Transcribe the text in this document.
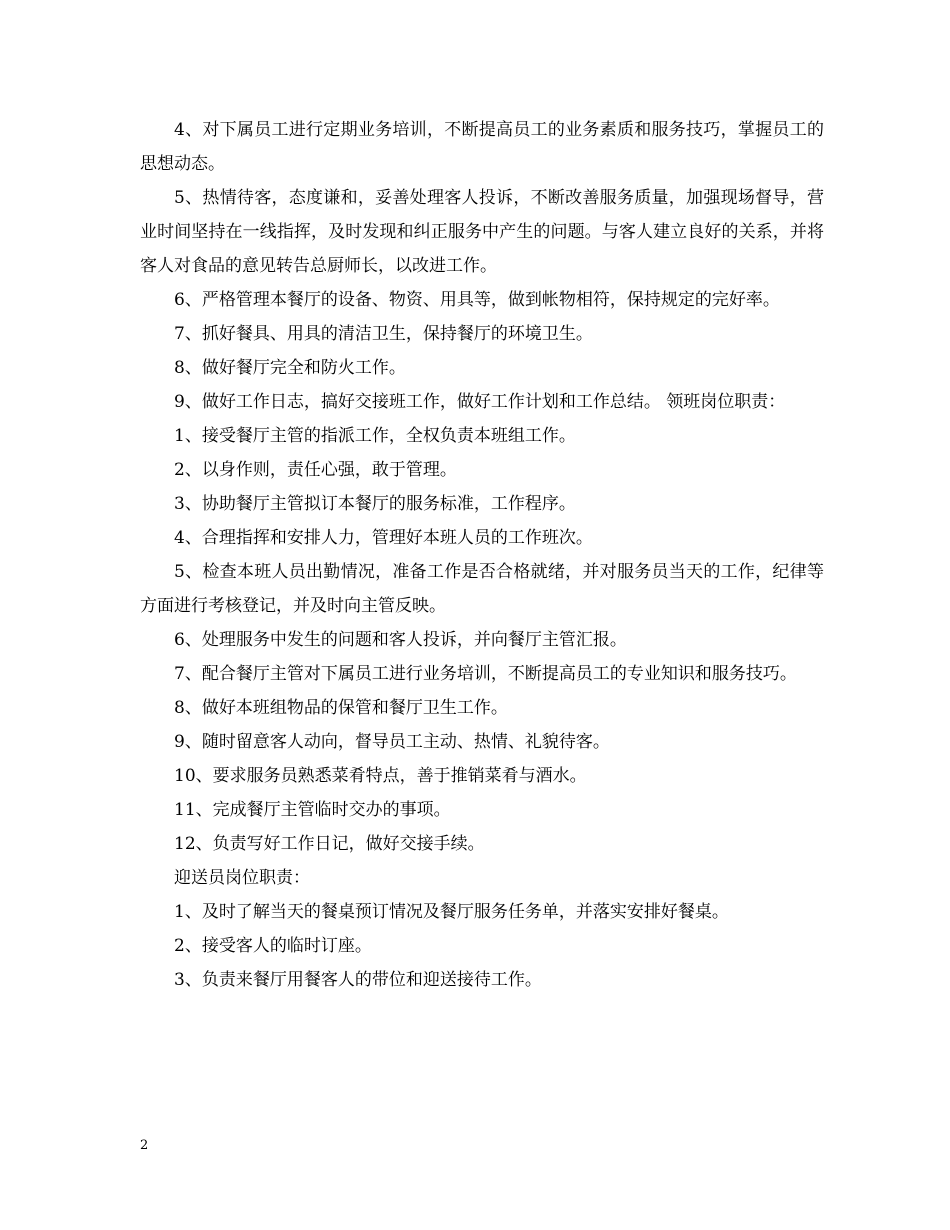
4、对下属员工进行定期业务培训，不断提高员工的业务素质和服务技巧，掌握员工的思想动态。

5、热情待客，态度谦和，妥善处理客人投诉，不断改善服务质量，加强现场督导，营业时间坚持在一线指挥，及时发现和纠正服务中产生的问题。与客人建立良好的关系，并将客人对食品的意见转告总厨师长，以改进工作。

6、严格管理本餐厅的设备、物资、用具等，做到帐物相符，保持规定的完好率。

7、抓好餐具、用具的清洁卫生，保持餐厅的环境卫生。

8、做好餐厅完全和防火工作。

9、做好工作日志，搞好交接班工作，做好工作计划和工作总结。 领班岗位职责：

1、接受餐厅主管的指派工作，全权负责本班组工作。

2、以身作则，责任心强，敢于管理。

3、协助餐厅主管拟订本餐厅的服务标准，工作程序。

4、合理指挥和安排人力，管理好本班人员的工作班次。

5、检查本班人员出勤情况，准备工作是否合格就绪，并对服务员当天的工作，纪律等方面进行考核登记，并及时向主管反映。

6、处理服务中发生的问题和客人投诉，并向餐厅主管汇报。

7、配合餐厅主管对下属员工进行业务培训，不断提高员工的专业知识和服务技巧。

8、做好本班组物品的保管和餐厅卫生工作。

9、随时留意客人动向，督导员工主动、热情、礼貌待客。

10、要求服务员熟悉菜肴特点，善于推销菜肴与酒水。

11、完成餐厅主管临时交办的事项。

12、负责写好工作日记，做好交接手续。

迎送员岗位职责：

1、及时了解当天的餐桌预订情况及餐厅服务任务单，并落实安排好餐桌。

2、接受客人的临时订座。

3、负责来餐厅用餐客人的带位和迎送接待工作。

2
